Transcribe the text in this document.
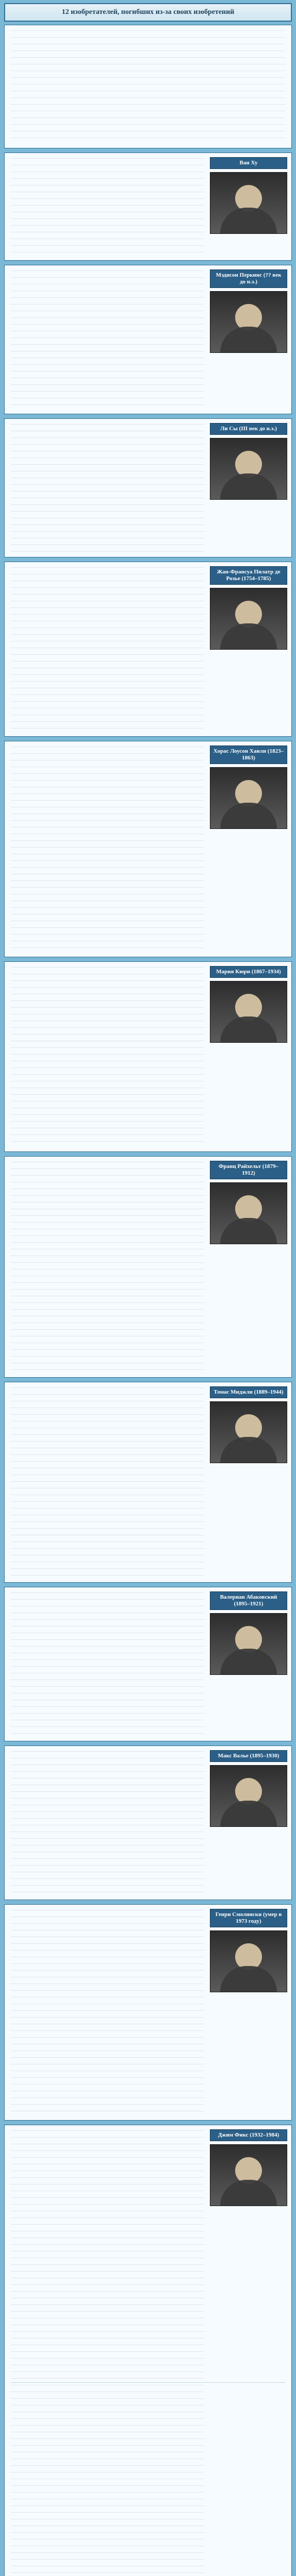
12 изобретателей, погибших из-за своих изобретений
Ван Ху
Мэдисон Перкинс (?? век до н.э.)
Ли Сы (III век до н.э.)
Жан-Франсуа Пилатр де Розье (1754–1785)
Хорас Лоусон Ханли (1823–1863)
Мария Кюри (1867–1934)
Франц Райхельт (1879–1912)
Томас Миджли (1889–1944)
Валериан Абаковский (1895–1921)
Макс Валье (1895–1930)
Генри Смолински (умер в 1973 году)
Джим Фикс (1932–1984)
